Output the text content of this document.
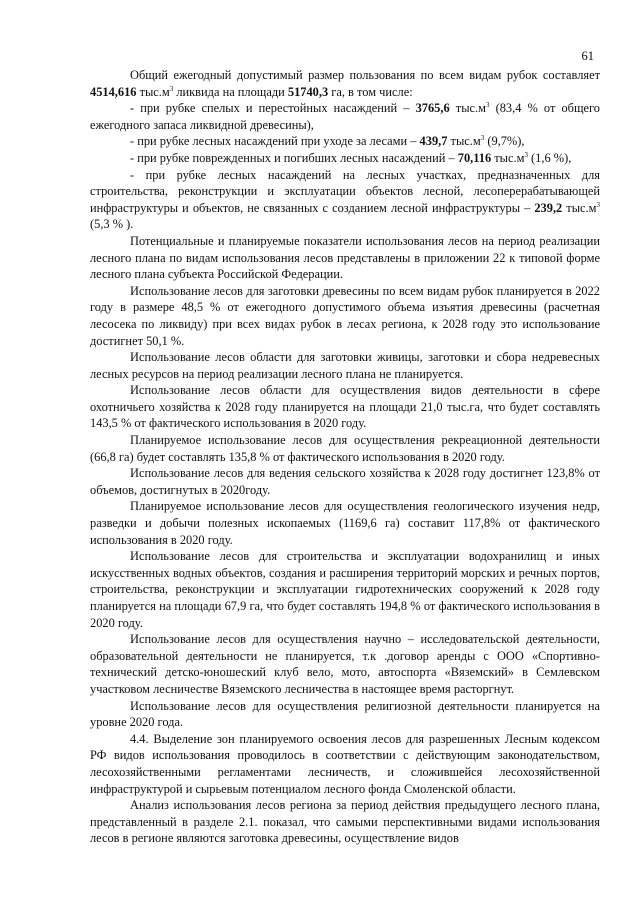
61

Общий ежегодный допустимый размер пользования по всем видам рубок составляет 4514,616 $тыс.м^3$ ликвида на площади 51740,3 га, в том числе:

- при рубке спелых и перестойных насаждений – 3765,6 $тыс.м^3$ (83,4 % от общего ежегодного запаса ликвидной древесины),

- при рубке лесных насаждений при уходе за лесами – 439,7 $тыс.м^3$ (9,7%),

- при рубке поврежденных и погибших лесных насаждений – 70,116 $тыс.м^3$ (1,6 %),

- при рубке лесных насаждений на лесных участках, предназначенных для строительства, реконструкции и эксплуатации объектов лесной, лесоперерабатывающей инфраструктуры и объектов, не связанных с созданием лесной инфраструктуры – 239,2 $тыс.м^3$ (5,3 % ).

Потенциальные и планируемые показатели использования лесов на период реализации лесного плана по видам использования лесов представлены в приложении 22 к типовой форме лесного плана субъекта Российской Федерации.

Использование лесов для заготовки древесины по всем видам рубок планируется в 2022 году в размере 48,5 % от ежегодного допустимого объема изъятия древесины (расчетная лесосека по ликвиду) при всех видах рубок в лесах региона, к 2028 году это использование достигнет 50,1 %.

Использование лесов области для заготовки живицы, заготовки и сбора недревесных лесных ресурсов на период реализации лесного плана не планируется.

Использование лесов области для осуществления видов деятельности в сфере охотничьего хозяйства к 2028 году планируется на площади 21,0 тыс.га, что будет составлять 143,5 % от фактического использования в 2020 году.

Планируемое использование лесов для осуществления рекреационной деятельности (66,8 га) будет составлять 135,8 % от фактического использования в 2020 году.

Использование лесов для ведения сельского хозяйства к 2028 году достигнет 123,8% от объемов, достигнутых в 2020году.

Планируемое использование лесов для осуществления геологического изучения недр, разведки и добычи полезных ископаемых (1169,6 га) составит 117,8% от фактического использования в 2020 году.

Использование лесов для строительства и эксплуатации водохранилищ и иных искусственных водных объектов, создания и расширения территорий морских и речных портов, строительства, реконструкции и эксплуатации гидротехнических сооружений к 2028 году планируется на площади 67,9 га, что будет составлять 194,8 % от фактического использования в 2020 году.

Использование лесов для осуществления научно – исследовательской деятельности, образовательной деятельности не планируется, т.к .договор аренды с ООО «Спортивно- технический детско-юношеский клуб вело, мото, автоспорта «Вяземский» в Семлевском участковом лесничестве Вяземского лесничества в настоящее время расторгнут.

Использование лесов для осуществления религиозной деятельности планируется на уровне 2020 года.

4.4. Выделение зон планируемого освоения лесов для разрешенных Лесным кодексом РФ видов использования проводилось в соответствии с действующим законодательством, лесохозяйственными регламентами лесничеств, и сложившейся лесохозяйственной инфраструктурой и сырьевым потенциалом лесного фонда Смоленской области.

Анализ использования лесов региона за период действия предыдущего лесного плана, представленный в разделе 2.1. показал, что самыми перспективными видами использования лесов в регионе являются заготовка древесины, осуществление видов
